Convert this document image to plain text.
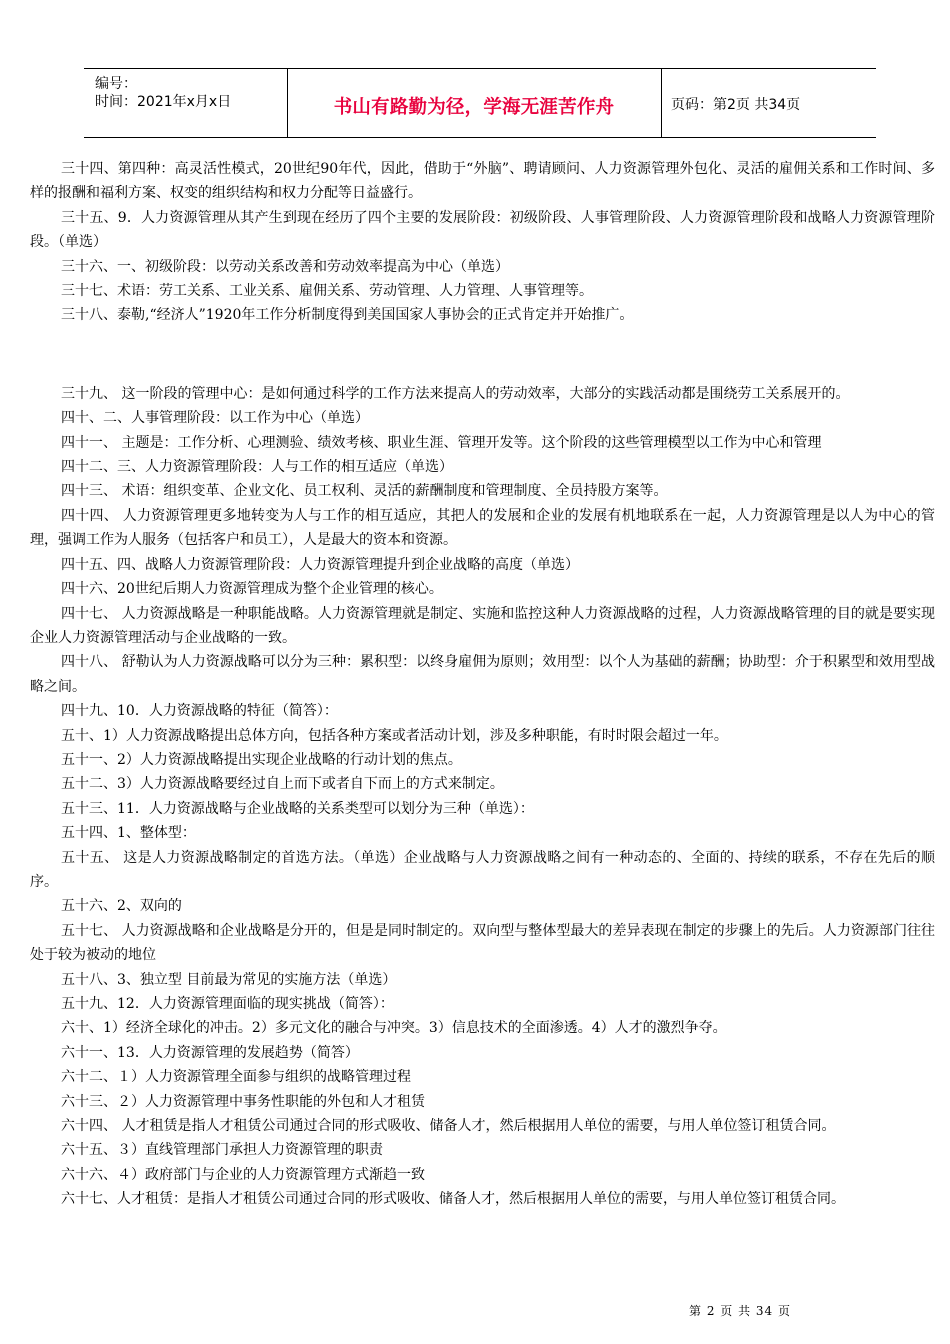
编号：
时间：2021年x月x日	书山有路勤为径，学海无涯苦作舟	页码：第2页 共34页

三十四、第四种：高灵活性模式，20世纪90年代，因此，借助于“外脑”、聘请顾问、人力资源管理外包化、灵活的雇佣关系和工作时间、多样的报酬和福利方案、权变的组织结构和权力分配等日益盛行。

三十五、9．人力资源管理从其产生到现在经历了四个主要的发展阶段：初级阶段、人事管理阶段、人力资源管理阶段和战略人力资源管理阶段。（单选）

三十六、一、初级阶段：以劳动关系改善和劳动效率提高为中心（单选）

三十七、术语：劳工关系、工业关系、雇佣关系、劳动管理、人力管理、人事管理等。

三十八、泰勒,“经济人”1920年工作分析制度得到美国国家人事协会的正式肯定并开始推广。

三十九、 这一阶段的管理中心：是如何通过科学的工作方法来提高人的劳动效率，大部分的实践活动都是围绕劳工关系展开的。

四十、二、人事管理阶段：以工作为中心（单选）

四十一、 主题是：工作分析、心理测验、绩效考核、职业生涯、管理开发等。这个阶段的这些管理模型以工作为中心和管理

四十二、三、人力资源管理阶段：人与工作的相互适应（单选）

四十三、 术语：组织变革、企业文化、员工权利、灵活的薪酬制度和管理制度、全员持股方案等。

四十四、 人力资源管理更多地转变为人与工作的相互适应，其把人的发展和企业的发展有机地联系在一起，人力资源管理是以人为中心的管理，强调工作为人服务（包括客户和员工），人是最大的资本和资源。

四十五、四、战略人力资源管理阶段：人力资源管理提升到企业战略的高度（单选）

四十六、20世纪后期人力资源管理成为整个企业管理的核心。

四十七、 人力资源战略是一种职能战略。人力资源管理就是制定、实施和监控这种人力资源战略的过程，人力资源战略管理的目的就是要实现企业人力资源管理活动与企业战略的一致。

四十八、 舒勒认为人力资源战略可以分为三种：累积型：以终身雇佣为原则；效用型：以个人为基础的薪酬；协助型：介于积累型和效用型战略之间。

四十九、10．人力资源战略的特征（简答）：

五十、1）人力资源战略提出总体方向，包括各种方案或者活动计划，涉及多种职能，有时时限会超过一年。

五十一、2）人力资源战略提出实现企业战略的行动计划的焦点。

五十二、3）人力资源战略要经过自上而下或者自下而上的方式来制定。

五十三、11．人力资源战略与企业战略的关系类型可以划分为三种（单选）：

五十四、1、整体型：

五十五、 这是人力资源战略制定的首选方法。（单选）企业战略与人力资源战略之间有一种动态的、全面的、持续的联系，不存在先后的顺序。

五十六、2、双向的

五十七、 人力资源战略和企业战略是分开的，但是是同时制定的。双向型与整体型最大的差异表现在制定的步骤上的先后。人力资源部门往往处于较为被动的地位

五十八、3、独立型 目前最为常见的实施方法（单选）

五十九、12．人力资源管理面临的现实挑战（简答）：

六十、1）经济全球化的冲击。2）多元文化的融合与冲突。3）信息技术的全面渗透。4）人才的激烈争夺。

六十一、13．人力资源管理的发展趋势（简答）

六十二、１）人力资源管理全面参与组织的战略管理过程

六十三、２）人力资源管理中事务性职能的外包和人才租赁

六十四、 人才租赁是指人才租赁公司通过合同的形式吸收、储备人才，然后根据用人单位的需要，与用人单位签订租赁合同。

六十五、３）直线管理部门承担人力资源管理的职责

六十六、４）政府部门与企业的人力资源管理方式渐趋一致

六十七、人才租赁：是指人才租赁公司通过合同的形式吸收、储备人才，然后根据用人单位的需要，与用人单位签订租赁合同。

第 2 页 共 34 页
